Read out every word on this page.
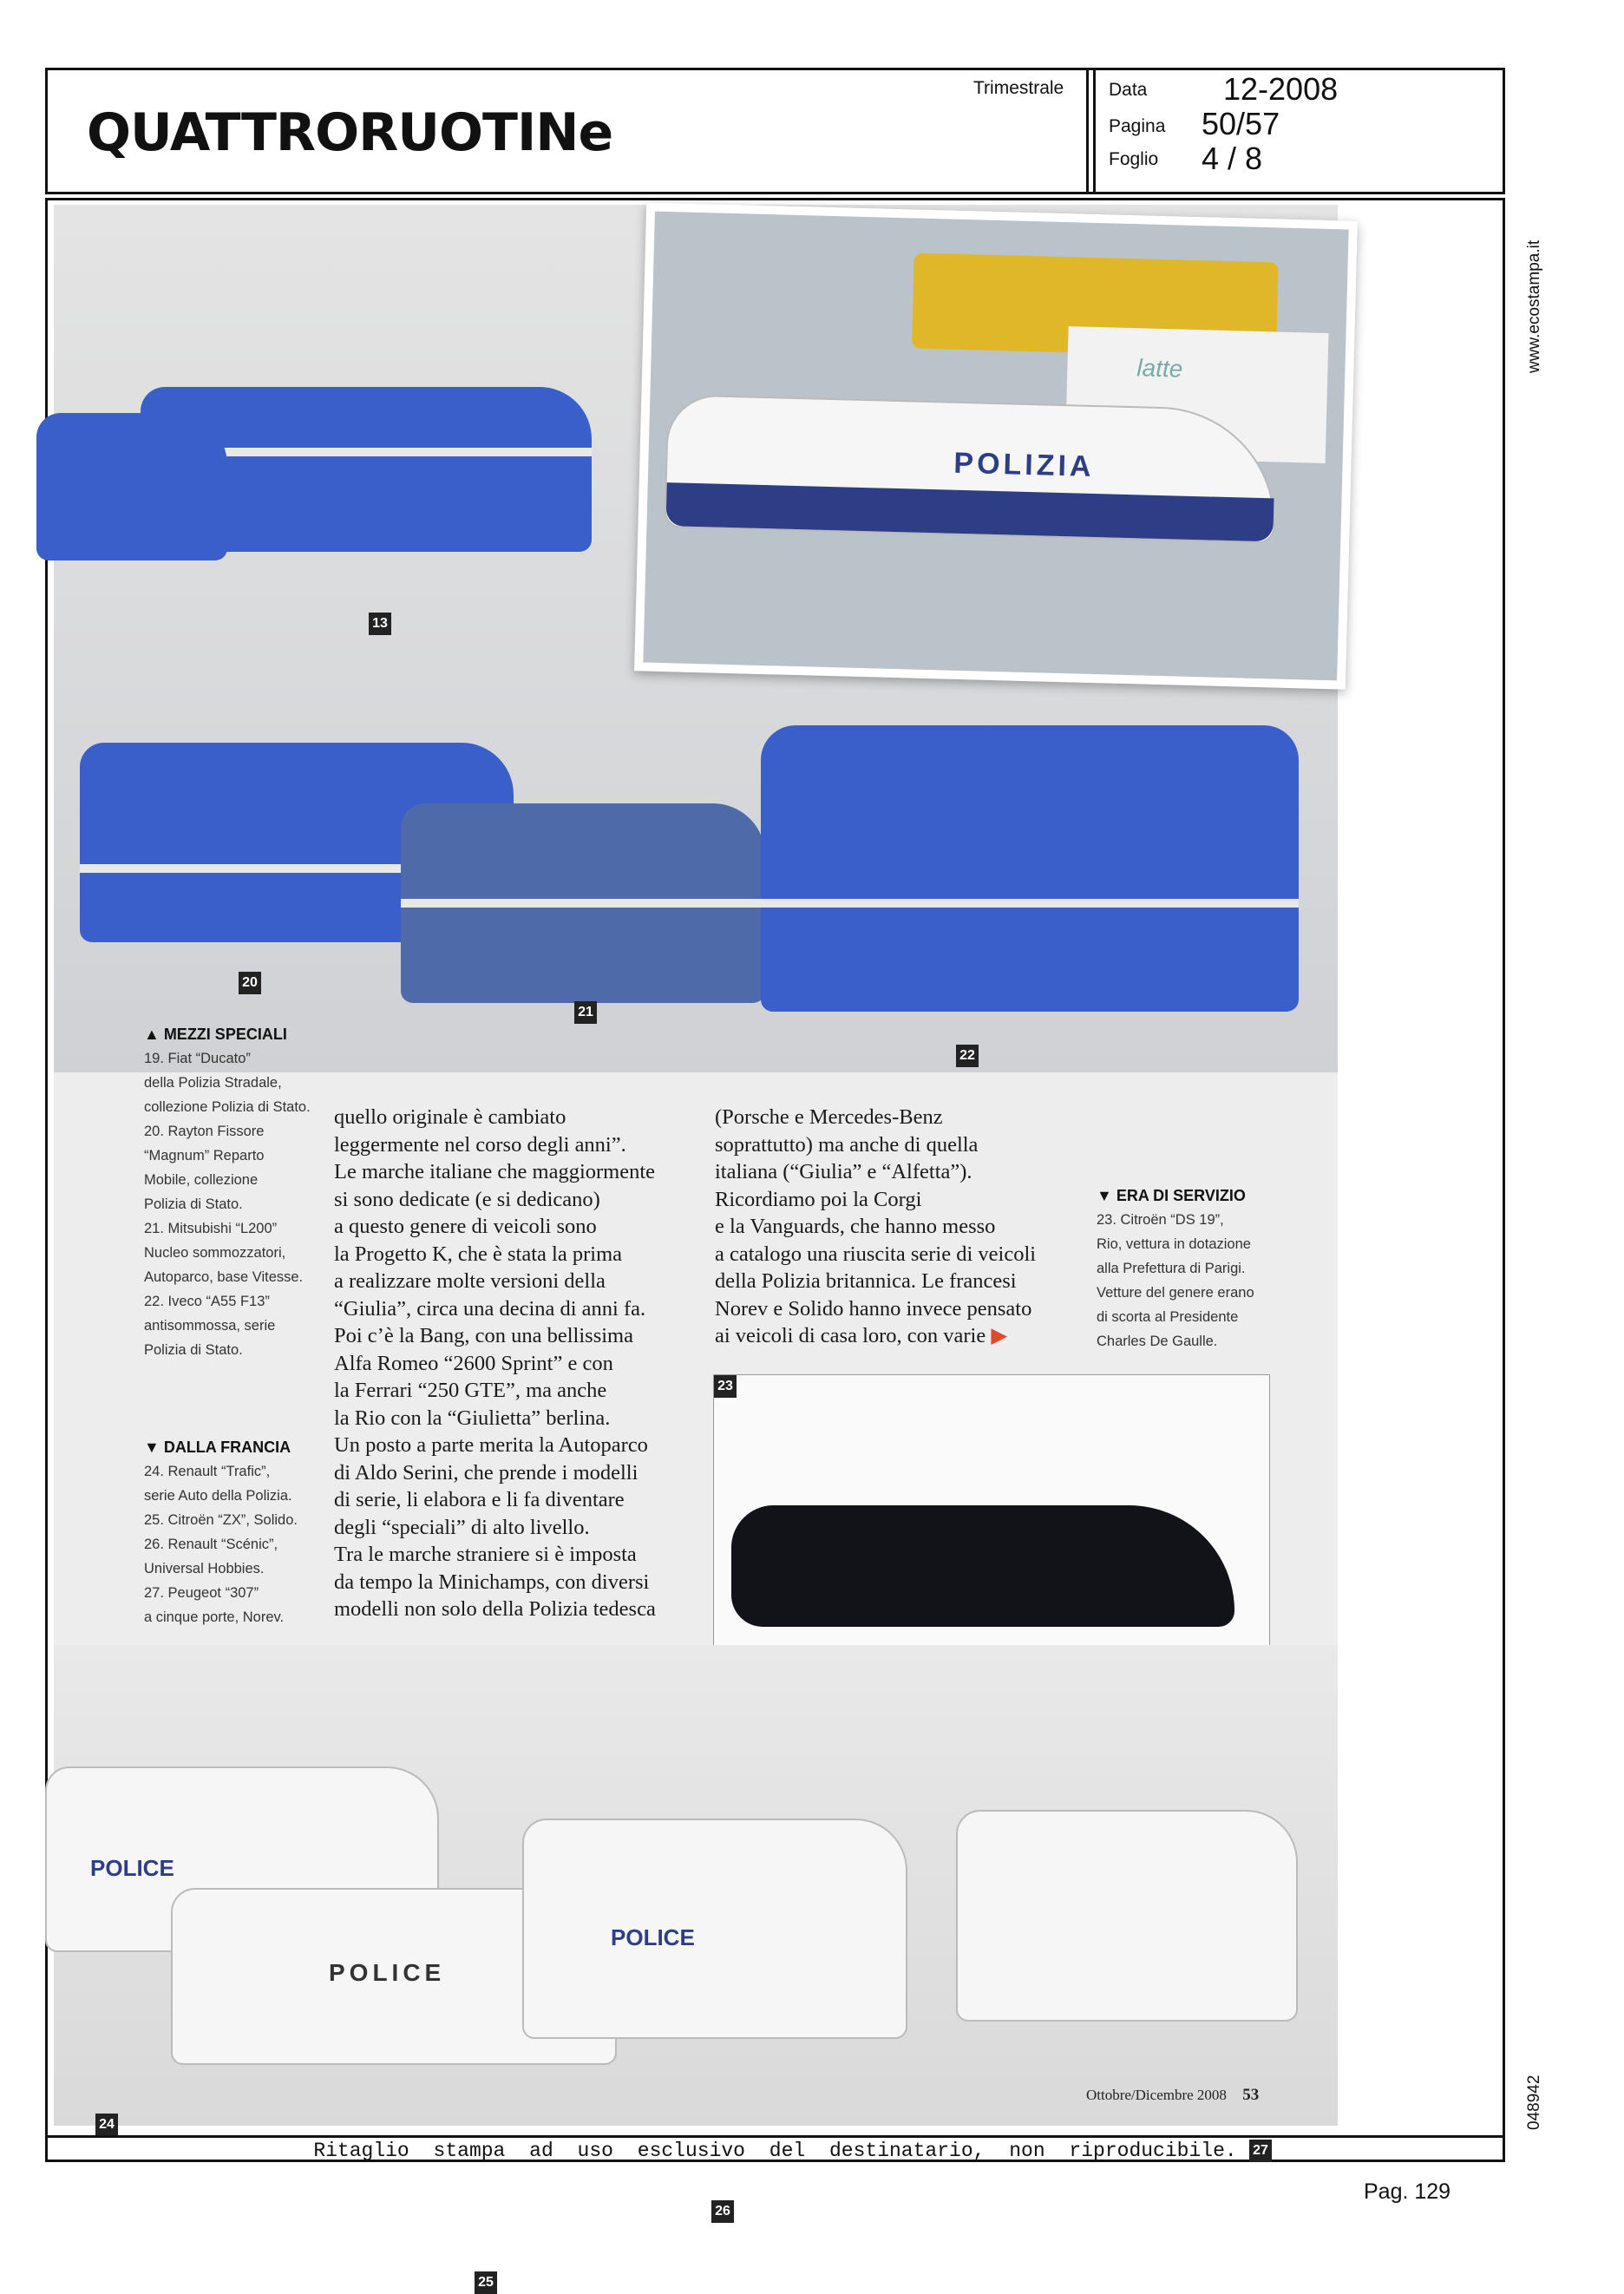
QUATTRORUOTINe
Trimestrale Data 12-2008
Pagina 50/57
Foglio 4 / 8
www.ecostampa.it
048942
latte
POLIZIA
13
20
21
22
▲ MEZZI SPECIALI
19. Fiat “Ducato”
della Polizia Stradale,
collezione Polizia di Stato.
20. Rayton Fissore
“Magnum” Reparto
Mobile, collezione
Polizia di Stato.
21. Mitsubishi “L200”
Nucleo sommozzatori,
Autoparco, base Vitesse.
22. Iveco “A55 F13”
antisommossa, serie
Polizia di Stato.
▼ DALLA FRANCIA
24. Renault “Trafic”,
serie Auto della Polizia.
25. Citroën “ZX”, Solido.
26. Renault “Scénic”,
Universal Hobbies.
27. Peugeot “307”
a cinque porte, Norev.
quello originale è cambiato
leggermente nel corso degli anni”.
Le marche italiane che maggiormente
si sono dedicate (e si dedicano)
a questo genere di veicoli sono
la Progetto K, che è stata la prima
a realizzare molte versioni della
“Giulia”, circa una decina di anni fa.
Poi c’è la Bang, con una bellissima
Alfa Romeo “2600 Sprint” e con
la Ferrari “250 GTE”, ma anche
la Rio con la “Giulietta” berlina.
Un posto a parte merita la Autoparco
di Aldo Serini, che prende i modelli
di serie, li elabora e li fa diventare
degli “speciali” di alto livello.
Tra le marche straniere si è imposta
da tempo la Minichamps, con diversi
modelli non solo della Polizia tedesca
(Porsche e Mercedes-Benz
soprattutto) ma anche di quella
italiana (“Giulia” e “Alfetta”).
Ricordiamo poi la Corgi
e la Vanguards, che hanno messo
a catalogo una riuscita serie di veicoli
della Polizia britannica. Le francesi
Norev e Solido hanno invece pensato
ai veicoli di casa loro, con varie ▶
▼ ERA DI SERVIZIO
23. Citroën “DS 19”,
Rio, vettura in dotazione
alla Prefettura di Parigi.
Vetture del genere erano
di scorta al Presidente
Charles De Gaulle.
23
POLICE
24
POLICE
25
POLICE
26
27
Ottobre/Dicembre 2008 53
Ritaglio stampa ad uso esclusivo del destinatario, non riproducibile.
Pag. 129
